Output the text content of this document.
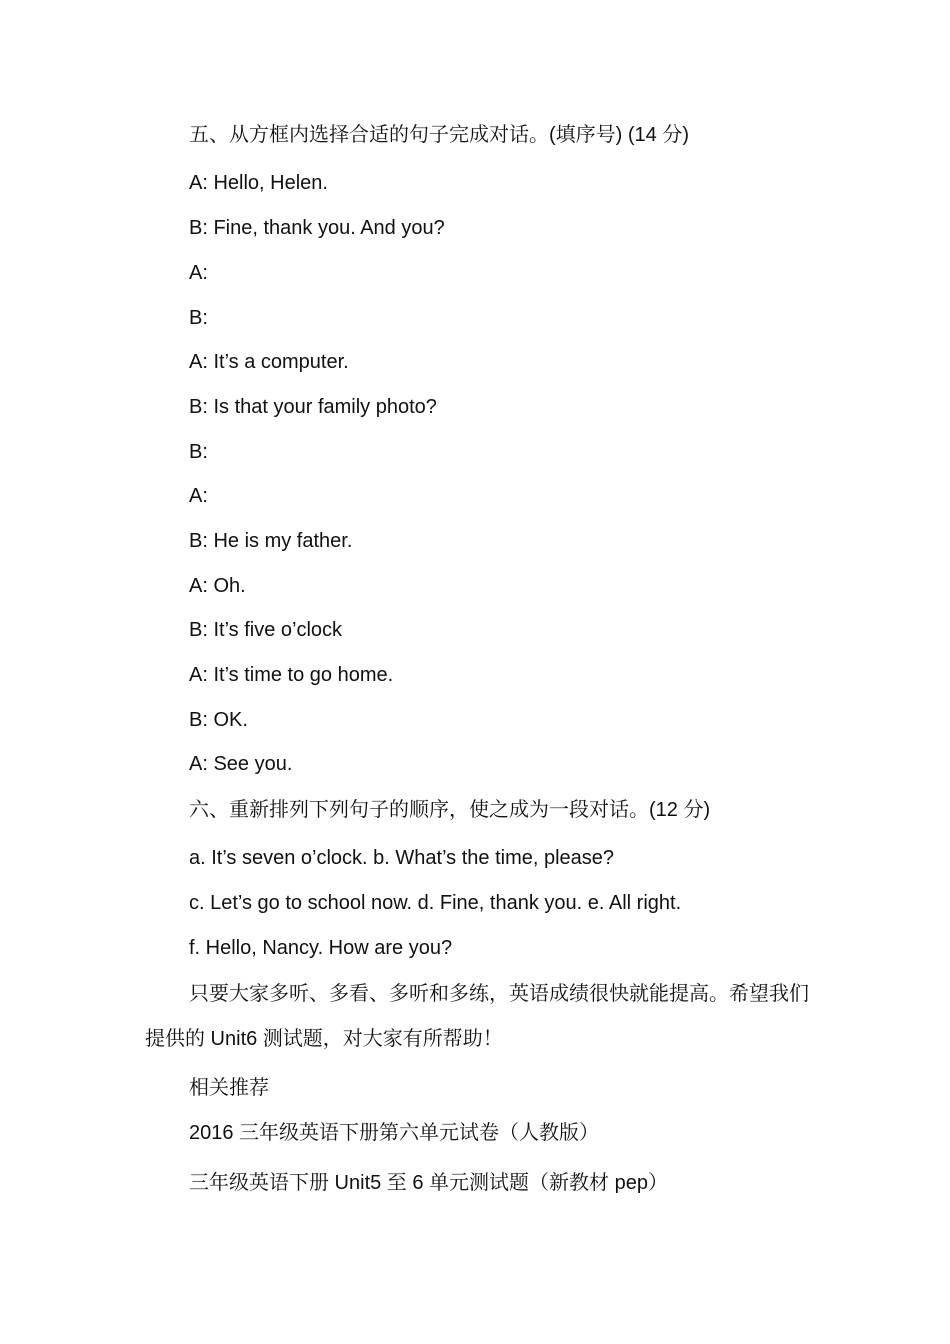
五、从方框内选择合适的句子完成对话。(填序号) (14 分)

A: Hello, Helen.

B: Fine, thank you. And you?

A:

B:

A: It’s a computer.

B: Is that your family photo?

B:

A:

B: He is my father.

A: Oh.

B: It’s five o’clock

A: It’s time to go home.

B: OK.

A: See you.

六、重新排列下列句子的顺序，使之成为一段对话。(12 分)

a. It’s seven o’clock. b. What’s the time, please?

c. Let’s go to school now. d. Fine, thank you. e. All right.

f. Hello, Nancy. How are you?

只要大家多听、多看、多听和多练，英语成绩很快就能提高。希望我们提供的 Unit6 测试题，对大家有所帮助！

相关推荐

2016 三年级英语下册第六单元试卷（人教版）
三年级英语下册 Unit5 至 6 单元测试题（新教材 pep）
